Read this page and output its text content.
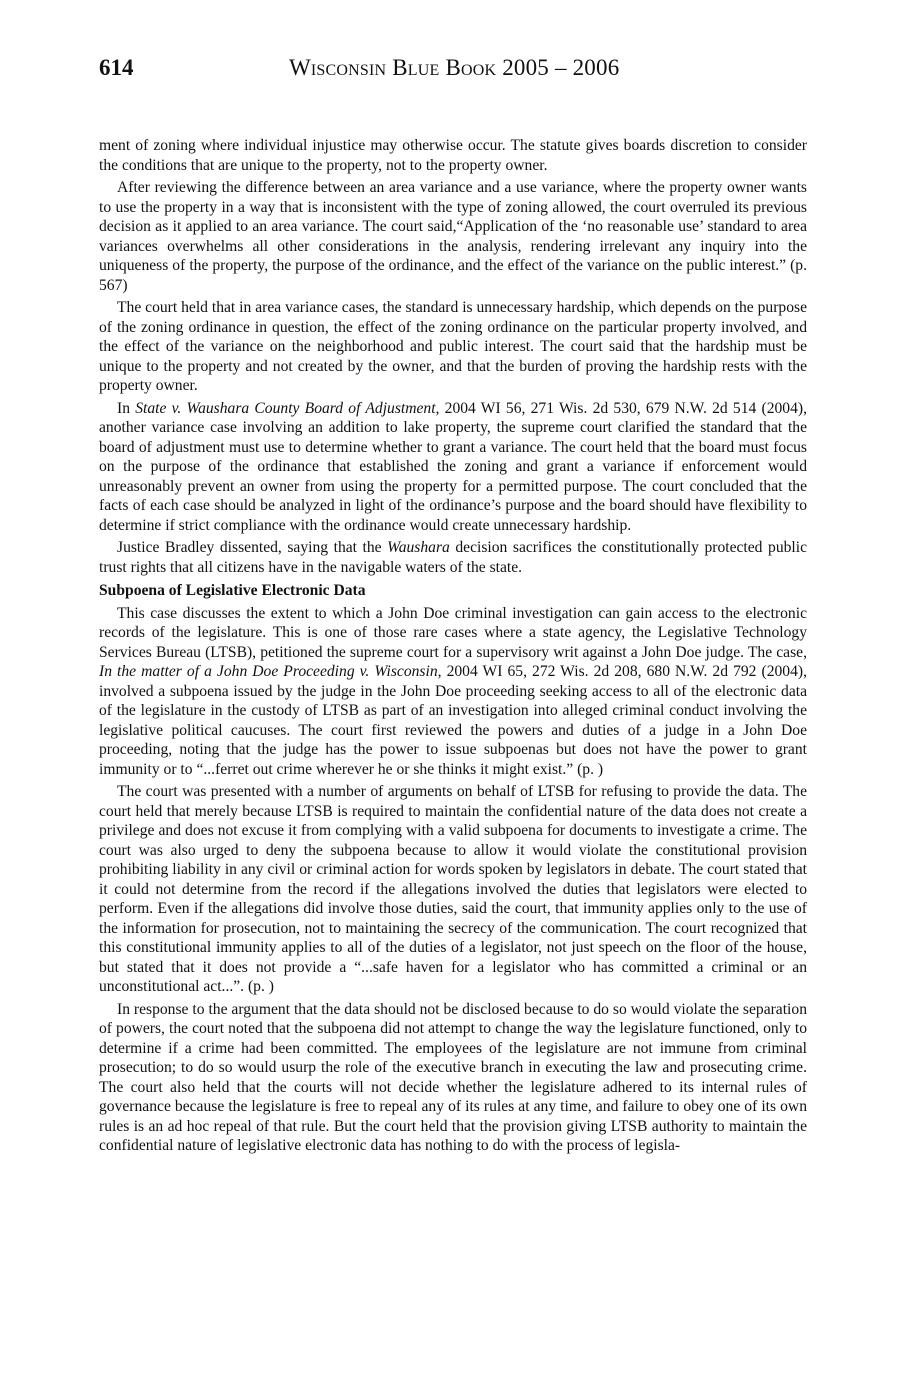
614	Wisconsin Blue Book 2005 – 2006

ment of zoning where individual injustice may otherwise occur. The statute gives boards discretion to consider the conditions that are unique to the property, not to the property owner.

After reviewing the difference between an area variance and a use variance, where the property owner wants to use the property in a way that is inconsistent with the type of zoning allowed, the court overruled its previous decision as it applied to an area variance. The court said,“Application of the ‘no reasonable use’ standard to area variances overwhelms all other considerations in the analysis, rendering irrelevant any inquiry into the uniqueness of the property, the purpose of the ordinance, and the effect of the variance on the public interest.” (p. 567)

The court held that in area variance cases, the standard is unnecessary hardship, which depends on the purpose of the zoning ordinance in question, the effect of the zoning ordinance on the particular property involved, and the effect of the variance on the neighborhood and public interest. The court said that the hardship must be unique to the property and not created by the owner, and that the burden of proving the hardship rests with the property owner.

In State v. Waushara County Board of Adjustment, 2004 WI 56, 271 Wis. 2d 530, 679 N.W. 2d 514 (2004), another variance case involving an addition to lake property, the supreme court clarified the standard that the board of adjustment must use to determine whether to grant a variance. The court held that the board must focus on the purpose of the ordinance that established the zoning and grant a variance if enforcement would unreasonably prevent an owner from using the property for a permitted purpose. The court concluded that the facts of each case should be analyzed in light of the ordinance’s purpose and the board should have flexibility to determine if strict compliance with the ordinance would create unnecessary hardship.

Justice Bradley dissented, saying that the Waushara decision sacrifices the constitutionally protected public trust rights that all citizens have in the navigable waters of the state.

Subpoena of Legislative Electronic Data

This case discusses the extent to which a John Doe criminal investigation can gain access to the electronic records of the legislature. This is one of those rare cases where a state agency, the Legislative Technology Services Bureau (LTSB), petitioned the supreme court for a supervisory writ against a John Doe judge. The case, In the matter of a John Doe Proceeding v. Wisconsin, 2004 WI 65, 272 Wis. 2d 208, 680 N.W. 2d 792 (2004), involved a subpoena issued by the judge in the John Doe proceeding seeking access to all of the electronic data of the legislature in the custody of LTSB as part of an investigation into alleged criminal conduct involving the legislative political caucuses. The court first reviewed the powers and duties of a judge in a John Doe proceeding, noting that the judge has the power to issue subpoenas but does not have the power to grant immunity or to “...ferret out crime wherever he or she thinks it might exist.” (p. )

The court was presented with a number of arguments on behalf of LTSB for refusing to provide the data. The court held that merely because LTSB is required to maintain the confidential nature of the data does not create a privilege and does not excuse it from complying with a valid subpoena for documents to investigate a crime. The court was also urged to deny the subpoena because to allow it would violate the constitutional provision prohibiting liability in any civil or criminal action for words spoken by legislators in debate. The court stated that it could not determine from the record if the allegations involved the duties that legislators were elected to perform. Even if the allegations did involve those duties, said the court, that immunity applies only to the use of the information for prosecution, not to maintaining the secrecy of the communication. The court recognized that this constitutional immunity applies to all of the duties of a legislator, not just speech on the floor of the house, but stated that it does not provide a “...safe haven for a legislator who has committed a criminal or an unconstitutional act...”. (p. )

In response to the argument that the data should not be disclosed because to do so would violate the separation of powers, the court noted that the subpoena did not attempt to change the way the legislature functioned, only to determine if a crime had been committed. The employees of the legislature are not immune from criminal prosecution; to do so would usurp the role of the executive branch in executing the law and prosecuting crime. The court also held that the courts will not decide whether the legislature adhered to its internal rules of governance because the legislature is free to repeal any of its rules at any time, and failure to obey one of its own rules is an ad hoc repeal of that rule. But the court held that the provision giving LTSB authority to maintain the confidential nature of legislative electronic data has nothing to do with the process of legisla-
